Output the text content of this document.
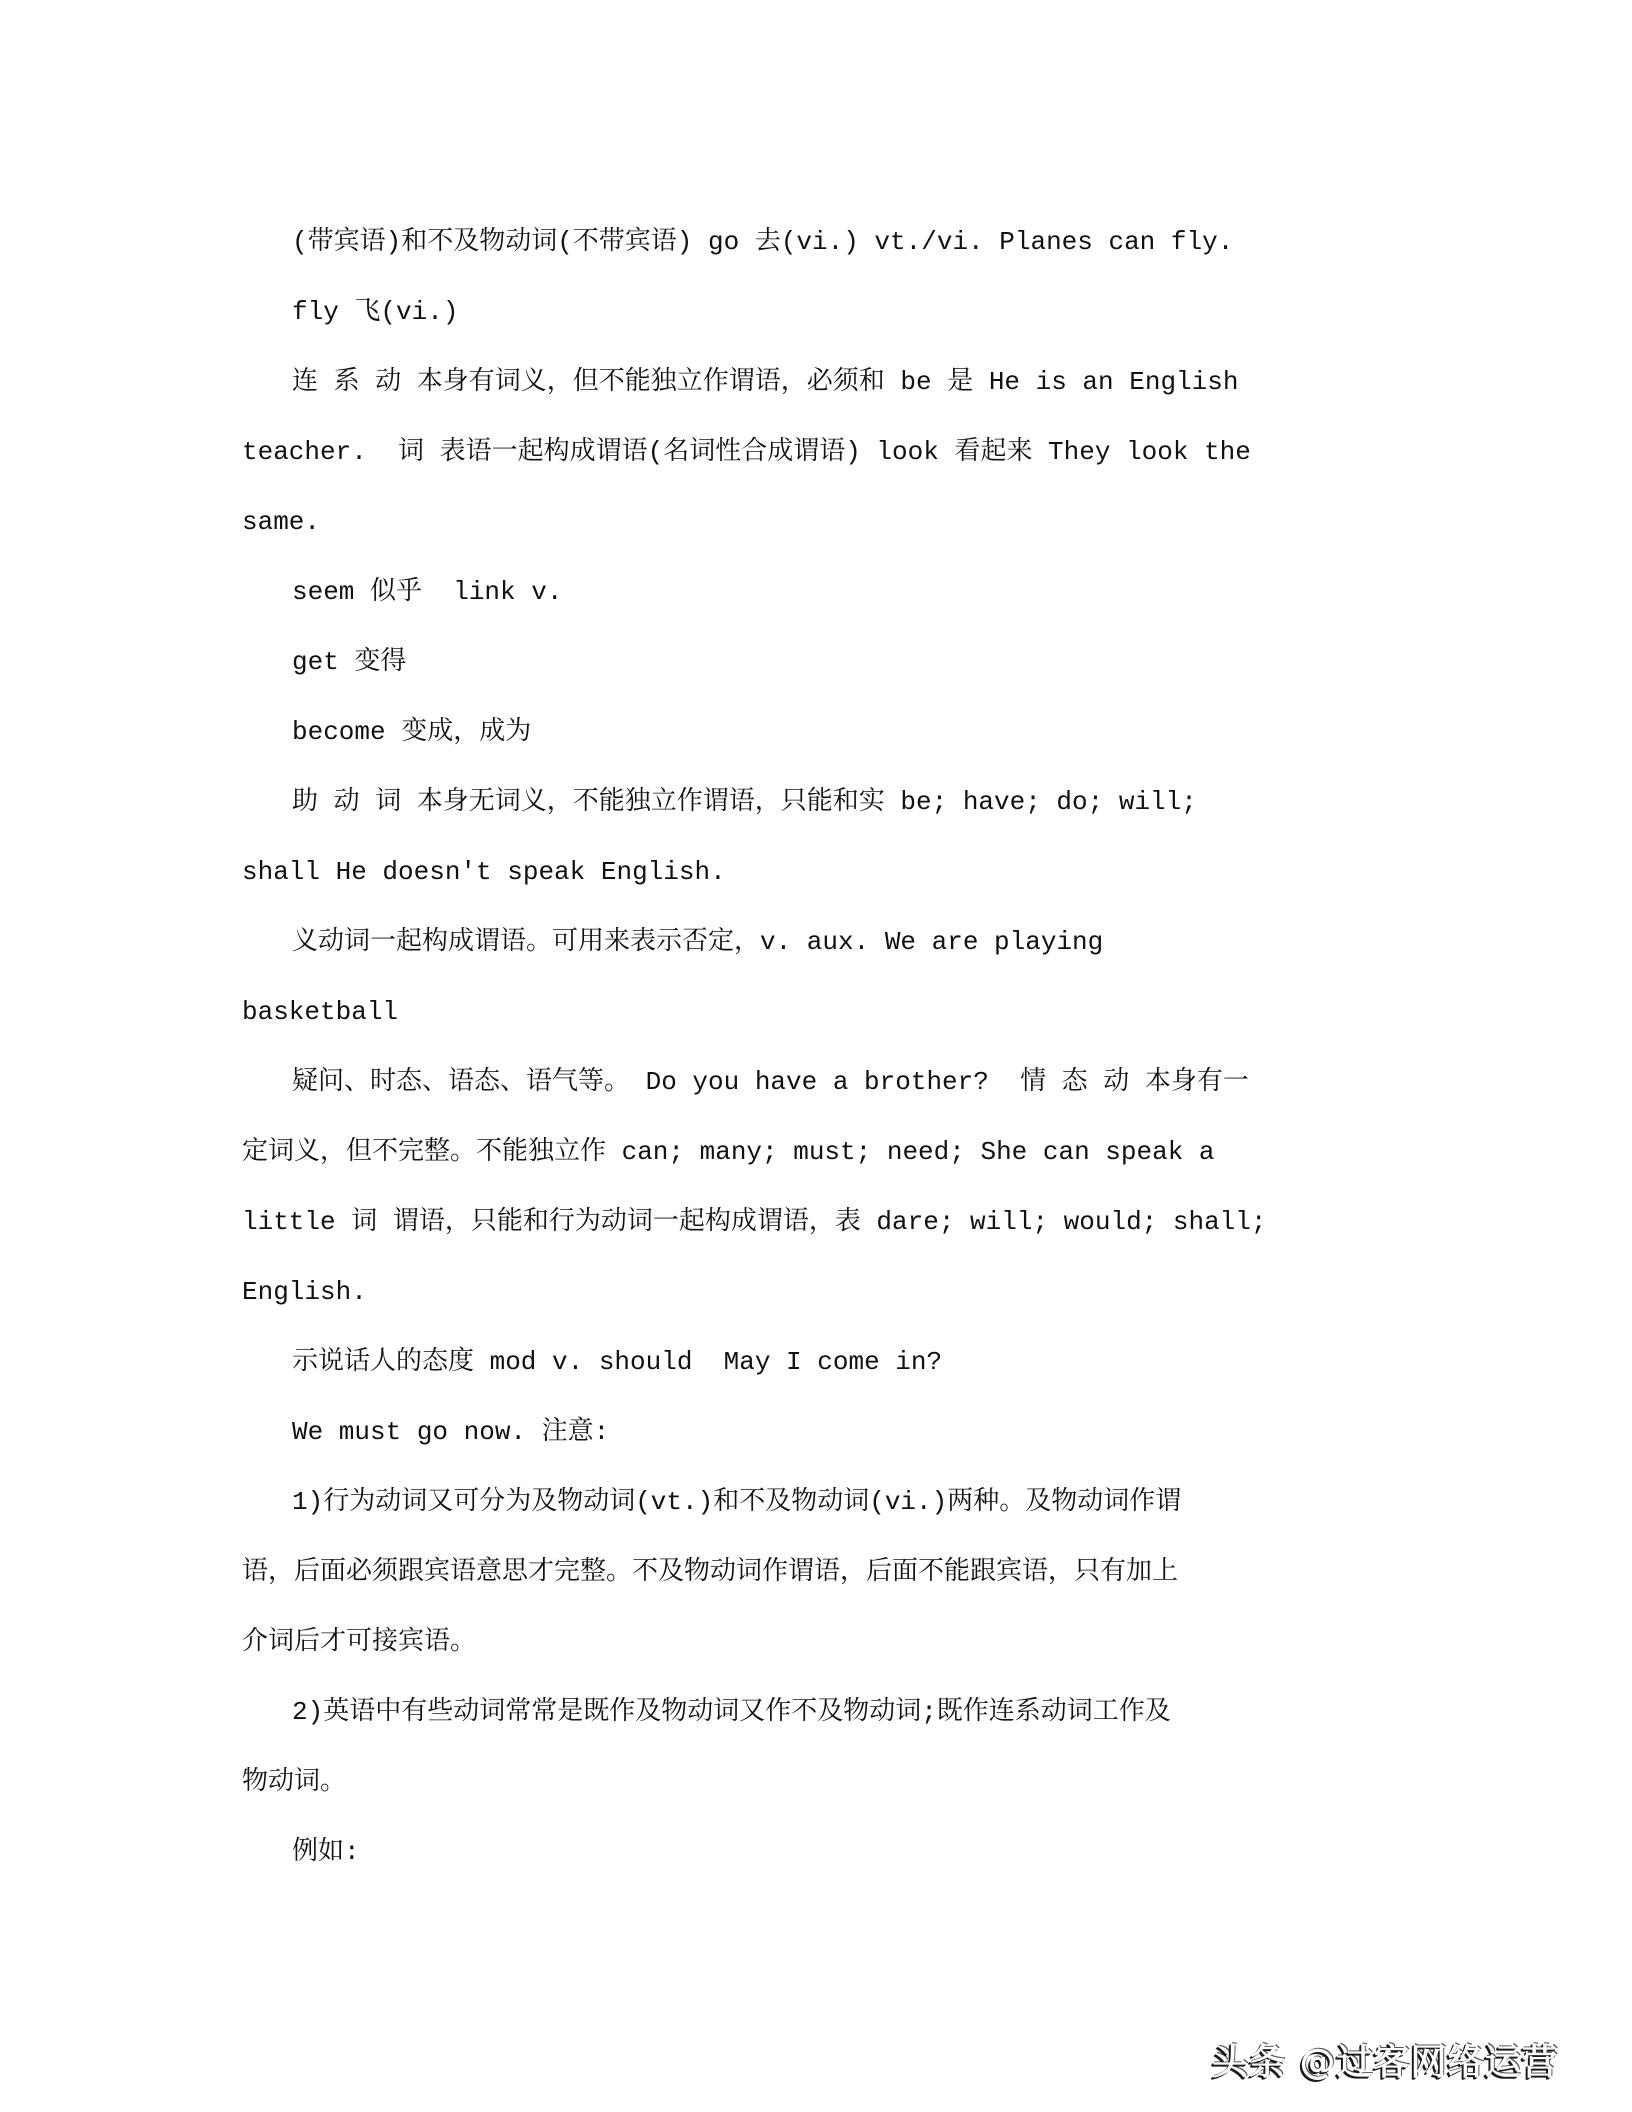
(带宾语)和不及物动词(不带宾语) go 去(vi.) vt./vi. Planes can fly.
fly 飞(vi.)
连 系 动 本身有词义，但不能独立作谓语，必须和 be 是 He is an English
teacher.  词 表语一起构成谓语(名词性合成谓语) look 看起来 They look the
same.
seem 似乎  link v.
get 变得
become 变成，成为
助 动 词 本身无词义，不能独立作谓语，只能和实 be; have; do; will;
shall He doesn't speak English.
义动词一起构成谓语。可用来表示否定，v. aux. We are playing
basketball
疑问、时态、语态、语气等。 Do you have a brother?  情 态 动 本身有一
定词义，但不完整。不能独立作 can; many; must; need; She can speak a
little 词 谓语，只能和行为动词一起构成谓语，表 dare; will; would; shall;
English.
示说话人的态度 mod v. should  May I come in?
We must go now. 注意:
1)行为动词又可分为及物动词(vt.)和不及物动词(vi.)两种。及物动词作谓
语，后面必须跟宾语意思才完整。不及物动词作谓语，后面不能跟宾语，只有加上
介词后才可接宾语。
2)英语中有些动词常常是既作及物动词又作不及物动词;既作连系动词工作及
物动词。
例如:
头条 @过客网络运营
